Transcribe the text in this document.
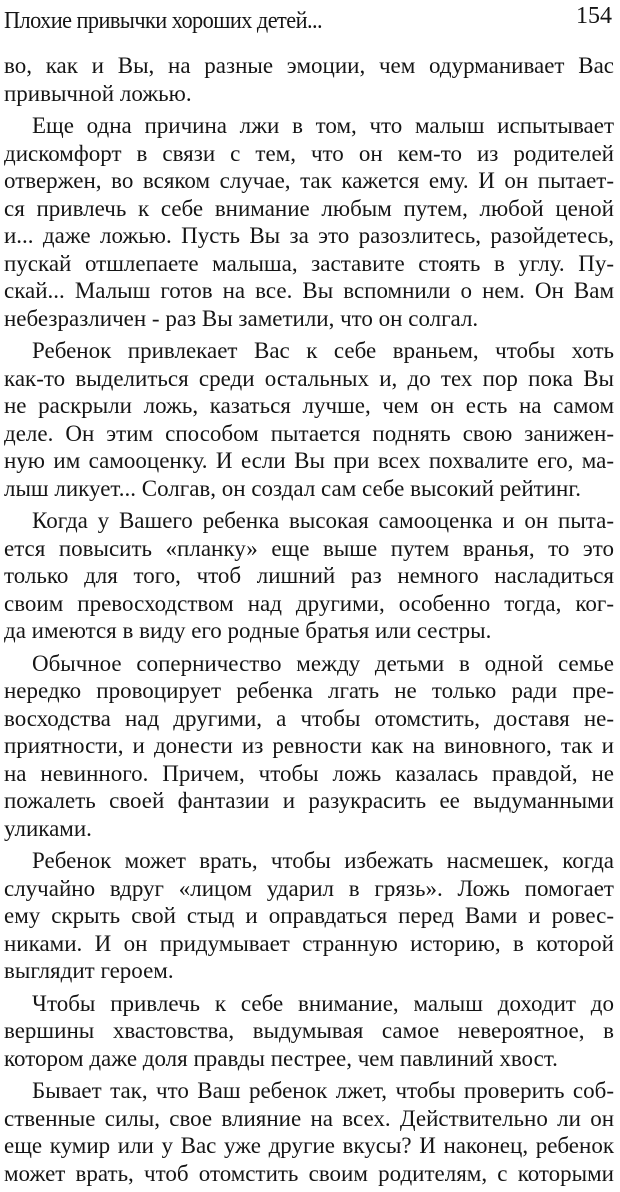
Плохие привычки хороших детей...	154

во, как и Вы, на разные эмоции, чем одурманивает Вас
привычной ложью.

Еще одна причина лжи в том, что малыш испытывает
дискомфорт в связи с тем, что он кем-то из родителей
отвержен, во всяком случае, так кажется ему. И он пытает-
ся привлечь к себе внимание любым путем, любой ценой
и... даже ложью. Пусть Вы за это разозлитесь, разойдетесь,
пускай отшлепаете малыша, заставите стоять в углу. Пу-
скай... Малыш готов на все. Вы вспомнили о нем. Он Вам
небезразличен - раз Вы заметили, что он солгал.

Ребенок привлекает Вас к себе враньем, чтобы хоть
как-то выделиться среди остальных и, до тех пор пока Вы
не раскрыли ложь, казаться лучше, чем он есть на самом
деле. Он этим способом пытается поднять свою занижен-
ную им самооценку. И если Вы при всех похвалите его, ма-
лыш ликует... Солгав, он создал сам себе высокий рейтинг.

Когда у Вашего ребенка высокая самооценка и он пыта-
ется повысить «планку» еще выше путем вранья, то это
только для того, чтоб лишний раз немного насладиться
своим превосходством над другими, особенно тогда, ког-
да имеются в виду его родные братья или сестры.

Обычное соперничество между детьми в одной семье
нередко провоцирует ребенка лгать не только ради пре-
восходства над другими, а чтобы отомстить, доставя не-
приятности, и донести из ревности как на виновного, так и
на невинного. Причем, чтобы ложь казалась правдой, не
пожалеть своей фантазии и разукрасить ее выдуманными
уликами.

Ребенок может врать, чтобы избежать насмешек, когда
случайно вдруг «лицом ударил в грязь». Ложь помогает
ему скрыть свой стыд и оправдаться перед Вами и ровес-
никами. И он придумывает странную историю, в которой
выглядит героем.

Чтобы привлечь к себе внимание, малыш доходит до
вершины хвастовства, выдумывая самое невероятное, в
котором даже доля правды пестрее, чем павлиний хвост.

Бывает так, что Ваш ребенок лжет, чтобы проверить соб-
ственные силы, свое влияние на всех. Действительно ли он
еще кумир или у Вас уже другие вкусы? И наконец, ребенок
может врать, чтоб отомстить своим родителям, с которыми
